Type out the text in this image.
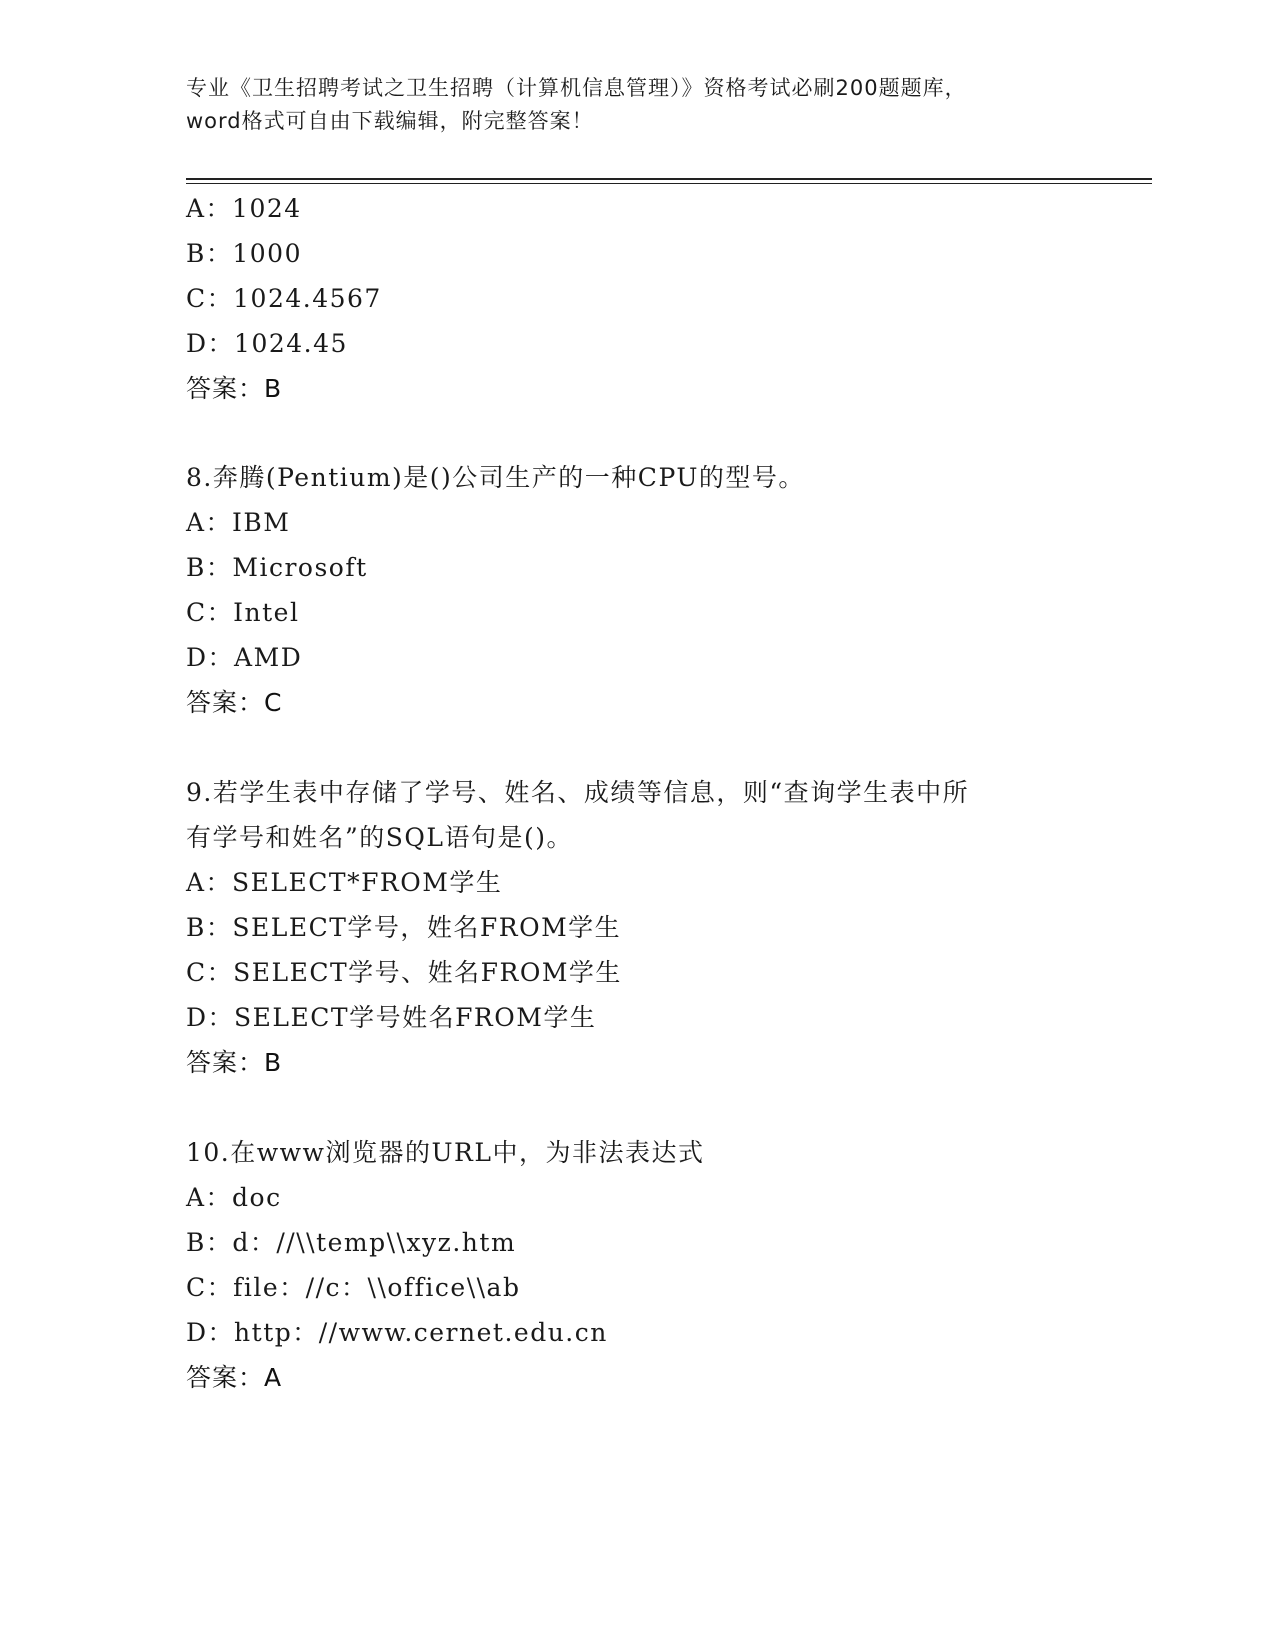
专业《卫生招聘考试之卫生招聘（计算机信息管理）》资格考试必刷200题题库，
word格式可自由下载编辑，附完整答案！
A：1024
B：1000
C：1024.4567
D：1024.45
答案：B
8.奔腾(Pentium)是()公司生产的一种CPU的型号。
A：IBM
B：Microsoft
C：Intel
D：AMD
答案：C
9.若学生表中存储了学号、姓名、成绩等信息，则“查询学生表中所
有学号和姓名”的SQL语句是()。
A：SELECT*FROM学生
B：SELECT学号，姓名FROM学生
C：SELECT学号、姓名FROM学生
D：SELECT学号姓名FROM学生
答案：B
10.在www浏览器的URL中，为非法表达式
A：doc
B：d：//\\temp\\xyz.htm
C：file：//c：\\office\\ab
D：http：//www.cernet.edu.cn
答案：A
